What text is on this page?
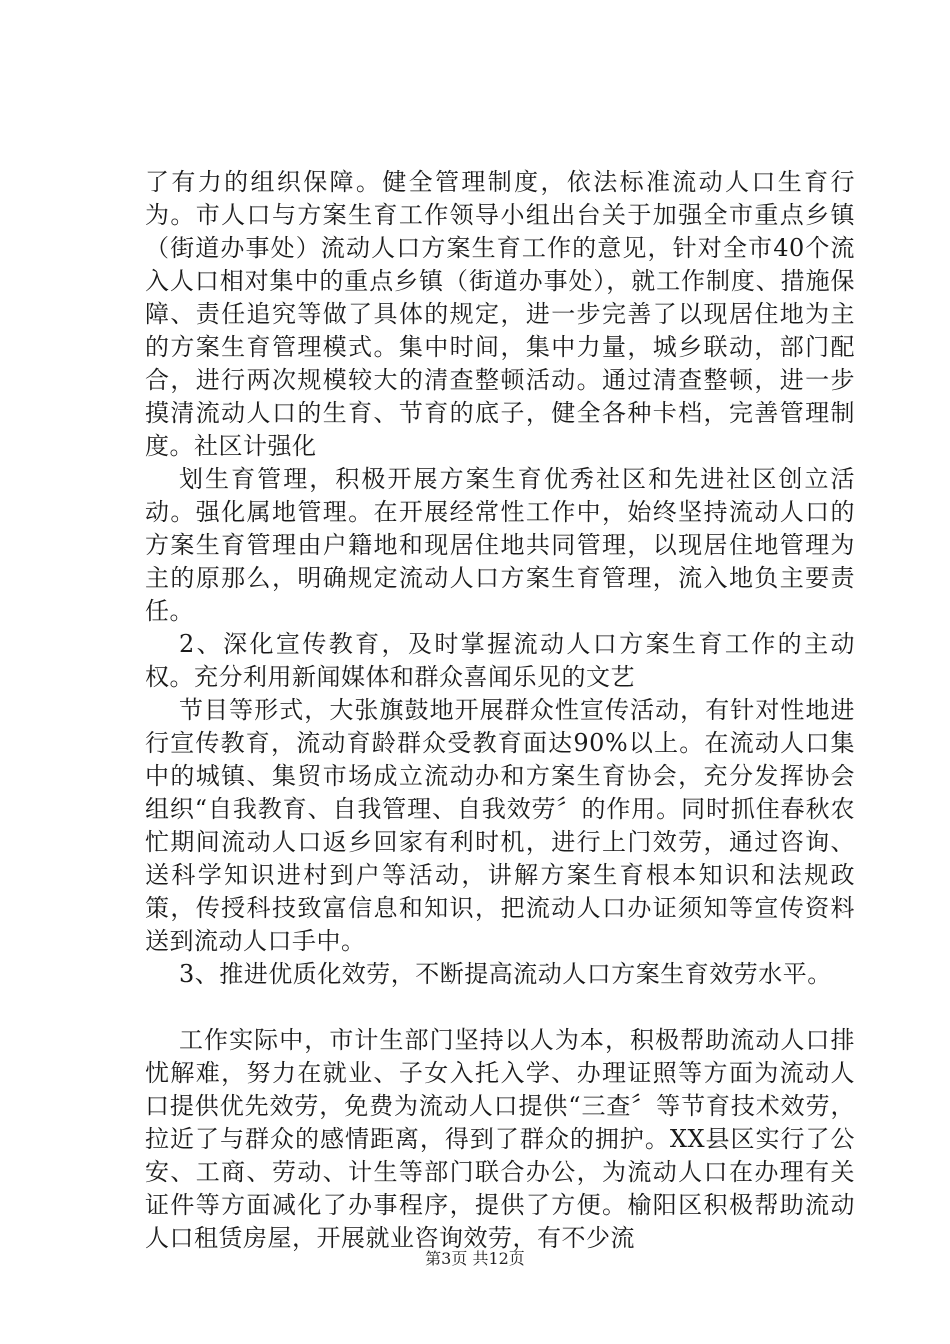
了有力的组织保障。健全管理制度，依法标准流动人口生育行为。市人口与方案生育工作领导小组出台关于加强全市重点乡镇（街道办事处）流动人口方案生育工作的意见，针对全市40个流入人口相对集中的重点乡镇（街道办事处），就工作制度、措施保障、责任追究等做了具体的规定，进一步完善了以现居住地为主的方案生育管理模式。集中时间，集中力量，城乡联动，部门配合，进行两次规模较大的清查整顿活动。通过清查整顿，进一步摸清流动人口的生育、节育的底子，健全各种卡档，完善管理制度。社区计强化

划生育管理，积极开展方案生育优秀社区和先进社区创立活动。强化属地管理。在开展经常性工作中，始终坚持流动人口的方案生育管理由户籍地和现居住地共同管理，以现居住地管理为主的原那么，明确规定流动人口方案生育管理，流入地负主要责任。

2、深化宣传教育，及时掌握流动人口方案生育工作的主动权。充分利用新闻媒体和群众喜闻乐见的文艺

节目等形式，大张旗鼓地开展群众性宣传活动，有针对性地进行宣传教育，流动育龄群众受教育面达90%以上。在流动人口集中的城镇、集贸市场成立流动办和方案生育协会，充分发挥协会组织“自我教育、自我管理、自我效劳〞的作用。同时抓住春秋农忙期间流动人口返乡回家有利时机，进行上门效劳，通过咨询、送科学知识进村到户等活动，讲解方案生育根本知识和法规政策，传授科技致富信息和知识，把流动人口办证须知等宣传资料送到流动人口手中。

3、推进优质化效劳，不断提高流动人口方案生育效劳水平。

工作实际中，市计生部门坚持以人为本，积极帮助流动人口排忧解难，努力在就业、子女入托入学、办理证照等方面为流动人口提供优先效劳，免费为流动人口提供“三查〞等节育技术效劳，拉近了与群众的感情距离，得到了群众的拥护。XX县区实行了公安、工商、劳动、计生等部门联合办公，为流动人口在办理有关证件等方面减化了办事程序，提供了方便。榆阳区积极帮助流动人口租赁房屋，开展就业咨询效劳，有不少流

第3页 共12页
